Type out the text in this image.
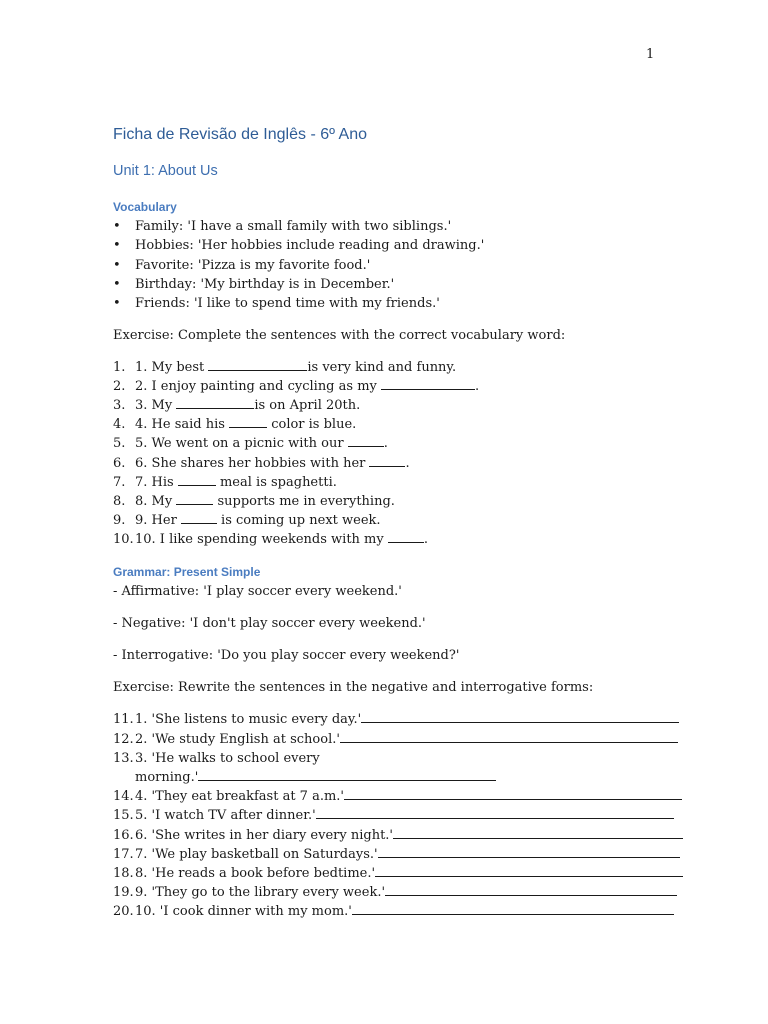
1
Ficha de Revisão de Inglês - 6º Ano
Unit 1: About Us
Vocabulary
• Family: 'I have a small family with two siblings.'
• Hobbies: 'Her hobbies include reading and drawing.'
• Favorite: 'Pizza is my favorite food.'
• Birthday: 'My birthday is in December.'
• Friends: 'I like to spend time with my friends.'
Exercise: Complete the sentences with the correct vocabulary word:
1. 1. My best	is very kind and funny.
2. 2. I enjoy painting and cycling as my	.
3. 3. My	is on April 20th.
4. 4. He said his	color is blue.
5. 5. We went on a picnic with our	.
6. 6. She shares her hobbies with her	.
7. 7. His	meal is spaghetti.
8. 8. My	supports me in everything.
9. 9. Her	is coming up next week.
10.10. I like spending weekends with my	.
Grammar: Present Simple
- Affirmative: 'I play soccer every weekend.'
- Negative: 'I don't play soccer every weekend.'
- Interrogative: 'Do you play soccer every weekend?'
Exercise: Rewrite the sentences in the negative and interrogative forms:
11.1. 'She listens to music every day.'
12.2. 'We study English at school.'
13.3. 'He walks to school every
morning.'
14.4. 'They eat breakfast at 7 a.m.'
15.5. 'I watch TV after dinner.'
16.6. 'She writes in her diary every night.'
17.7. 'We play basketball on Saturdays.'
18.8. 'He reads a book before bedtime.'
19.9. 'They go to the library every week.'
20.10. 'I cook dinner with my mom.'
